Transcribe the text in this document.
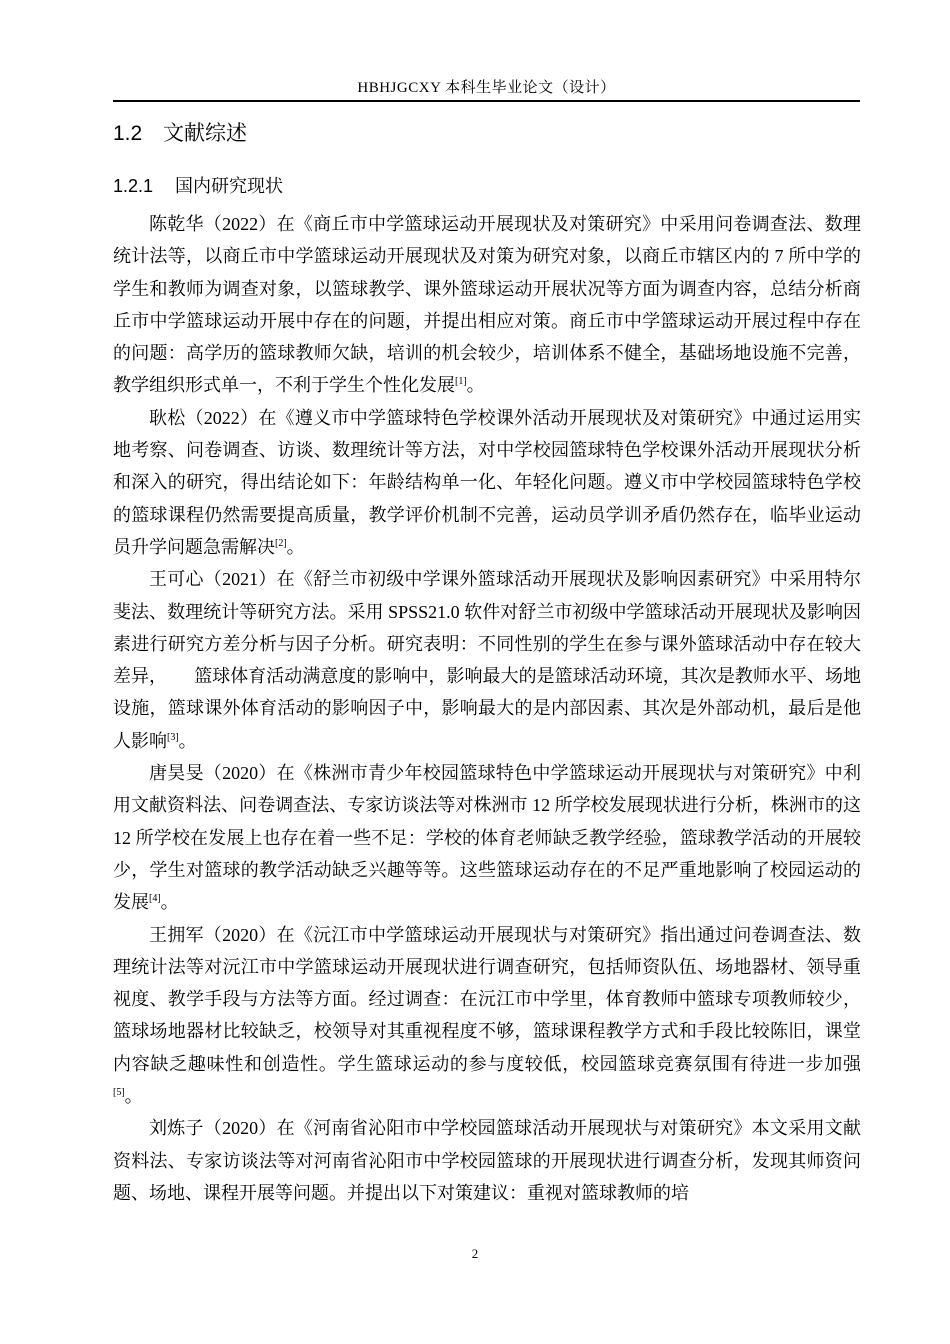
HBHJGCXY 本科生毕业论文（设计）
1.2 文献综述
1.2.1 国内研究现状

陈乾华（2022）在《商丘市中学篮球运动开展现状及对策研究》中采用问卷调查法、数理统计法等，以商丘市中学篮球运动开展现状及对策为研究对象，以商丘市辖区内的 7 所中学的学生和教师为调查对象，以篮球教学、课外篮球运动开展状况等方面为调查内容，总结分析商丘市中学篮球运动开展中存在的问题，并提出相应对策。商丘市中学篮球运动开展过程中存在的问题：高学历的篮球教师欠缺，培训的机会较少，培训体系不健全，基础场地设施不完善，教学组织形式单一，不利于学生个性化发展[1]。

耿松（2022）在《遵义市中学篮球特色学校课外活动开展现状及对策研究》中通过运用实地考察、问卷调查、访谈、数理统计等方法，对中学校园篮球特色学校课外活动开展现状分析和深入的研究，得出结论如下：年龄结构单一化、年轻化问题。遵义市中学校园篮球特色学校的篮球课程仍然需要提高质量，教学评价机制不完善，运动员学训矛盾仍然存在，临毕业运动员升学问题急需解决[2]。

王可心（2021）在《舒兰市初级中学课外篮球活动开展现状及影响因素研究》中采用特尔斐法、数理统计等研究方法。采用 SPSS21.0 软件对舒兰市初级中学篮球活动开展现状及影响因素进行研究方差分析与因子分析。研究表明：不同性别的学生在参与课外篮球活动中存在较大差异，      篮球体育活动满意度的影响中，影响最大的是篮球活动环境，其次是教师水平、场地设施，篮球课外体育活动的影响因子中，影响最大的是内部因素、其次是外部动机，最后是他人影响[3]。

唐昊旻（2020）在《株洲市青少年校园篮球特色中学篮球运动开展现状与对策研究》中利用文献资料法、问卷调查法、专家访谈法等对株洲市 12 所学校发展现状进行分析，株洲市的这 12 所学校在发展上也存在着一些不足：学校的体育老师缺乏教学经验，篮球教学活动的开展较少，学生对篮球的教学活动缺乏兴趣等等。这些篮球运动存在的不足严重地影响了校园运动的发展[4]。

王拥军（2020）在《沅江市中学篮球运动开展现状与对策研究》指出通过问卷调查法、数理统计法等对沅江市中学篮球运动开展现状进行调查研究，包括师资队伍、场地器材、领导重视度、教学手段与方法等方面。经过调查：在沅江市中学里，体育教师中篮球专项教师较少，篮球场地器材比较缺乏，校领导对其重视程度不够，篮球课程教学方式和手段比较陈旧，课堂内容缺乏趣味性和创造性。学生篮球运动的参与度较低，校园篮球竞赛氛围有待进一步加强[5]。

刘炼子（2020）在《河南省沁阳市中学校园篮球活动开展现状与对策研究》本文采用文献资料法、专家访谈法等对河南省沁阳市中学校园篮球的开展现状进行调查分析，发现其师资问题、场地、课程开展等问题。并提出以下对策建议：重视对篮球教师的培

2
